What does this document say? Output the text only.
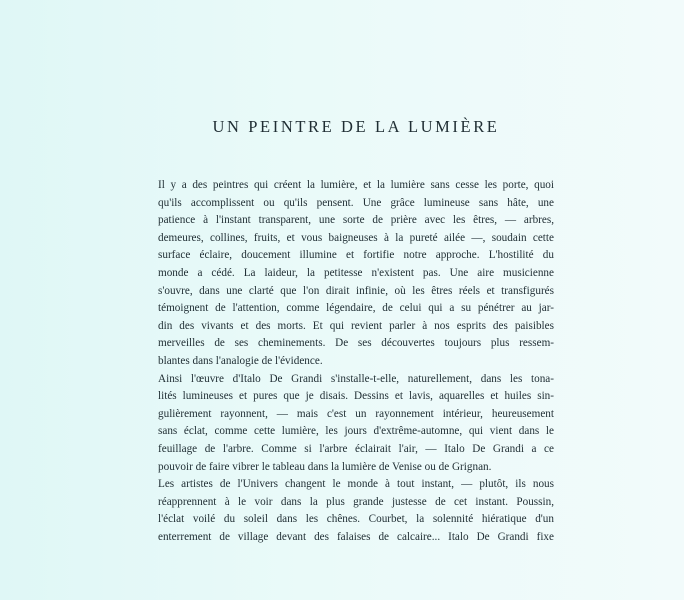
UN PEINTRE DE LA LUMIÈRE
Il y a des peintres qui créent la lumière, et la lumière sans cesse les porte, quoi
qu'ils accomplissent ou qu'ils pensent. Une grâce lumineuse sans hâte, une
patience à l'instant transparent, une sorte de prière avec les êtres, — arbres,
demeures, collines, fruits, et vous baigneuses à la pureté ailée —, soudain cette
surface éclaire, doucement illumine et fortifie notre approche. L'hostilité du
monde a cédé. La laideur, la petitesse n'existent pas. Une aire musicienne
s'ouvre, dans une clarté que l'on dirait infinie, où les êtres réels et transfigurés
témoignent de l'attention, comme légendaire, de celui qui a su pénétrer au jar-
din des vivants et des morts. Et qui revient parler à nos esprits des paisibles
merveilles de ses cheminements. De ses découvertes toujours plus ressem-
blantes dans l'analogie de l'évidence.
Ainsi l'œuvre d'Italo De Grandi s'installe-t-elle, naturellement, dans les tona-
lités lumineuses et pures que je disais. Dessins et lavis, aquarelles et huiles sin-
gulièrement rayonnent, — mais c'est un rayonnement intérieur, heureusement
sans éclat, comme cette lumière, les jours d'extrême-automne, qui vient dans le
feuillage de l'arbre. Comme si l'arbre éclairait l'air, — Italo De Grandi a ce
pouvoir de faire vibrer le tableau dans la lumière de Venise ou de Grignan.
Les artistes de l'Univers changent le monde à tout instant, — plutôt, ils nous
réapprennent à le voir dans la plus grande justesse de cet instant. Poussin,
l'éclat voilé du soleil dans les chênes. Courbet, la solennité hiératique d'un
enterrement de village devant des falaises de calcaire... Italo De Grandi fixe
